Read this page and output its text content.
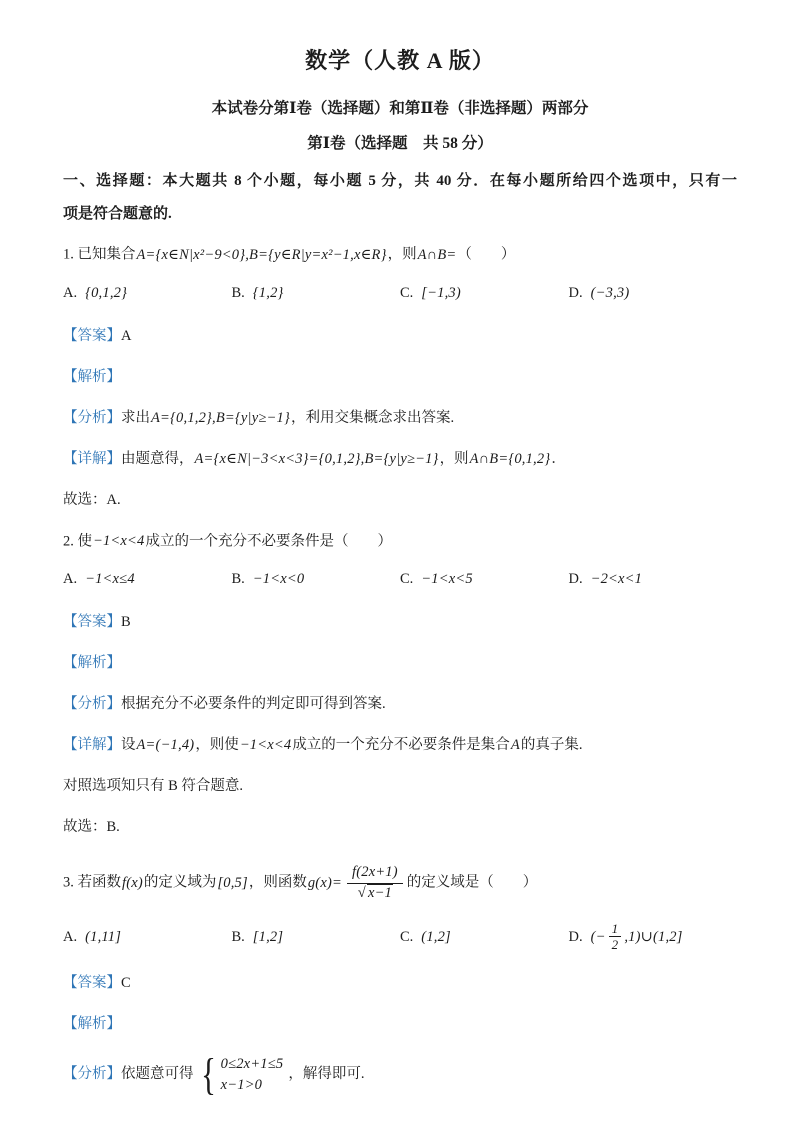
数学（人教 A 版）
本试卷分第Ⅰ卷（选择题）和第Ⅱ卷（非选择题）两部分
第Ⅰ卷（选择题　共 58 分）

一、选择题：本大题共 8 个小题，每小题 5 分，共 40 分．在每小题所给四个选项中，只有一
项是符合题意的.

1. 已知集合A={x∈N|x²−9<0},B={y∈R|y=x²−1,x∈R}，则A∩B=（　　）
A. {0,1,2}	B. {1,2}	C. [−1,3)	D. (−3,3)
【答案】A
【解析】
【分析】求出A={0,1,2},B={y|y≥−1}，利用交集概念求出答案.
【详解】由题意得，A={x∈N|−3<x<3}={0,1,2},B={y|y≥−1}，则A∩B={0,1,2}．
故选：A.
2. 使−1<x<4成立的一个充分不必要条件是（　　）
A. −1<x≤4	B. −1<x<0	C. −1<x<5	D. −2<x<1
【答案】B
【解析】
【分析】根据充分不必要条件的判定即可得到答案.
【详解】设A=(−1,4)，则使−1<x<4成立的一个充分不必要条件是集合A的真子集.
对照选项知只有 B 符合题意.
故选：B.
3. 若函数f(x)的定义域为[0,5]，则函数$g(x)= \frac{f(2x+1)}{√ x-1}$ 的定义域是（　　）
A. (1,11]	B. [1,2]	C. (1,2]	D. (− $\frac{1}{2}$ ,1)∪(1,2]
【答案】C
【解析】
【分析】依题意可得 { 0≤2x+1≤5
x−1>0
，解得即可.
